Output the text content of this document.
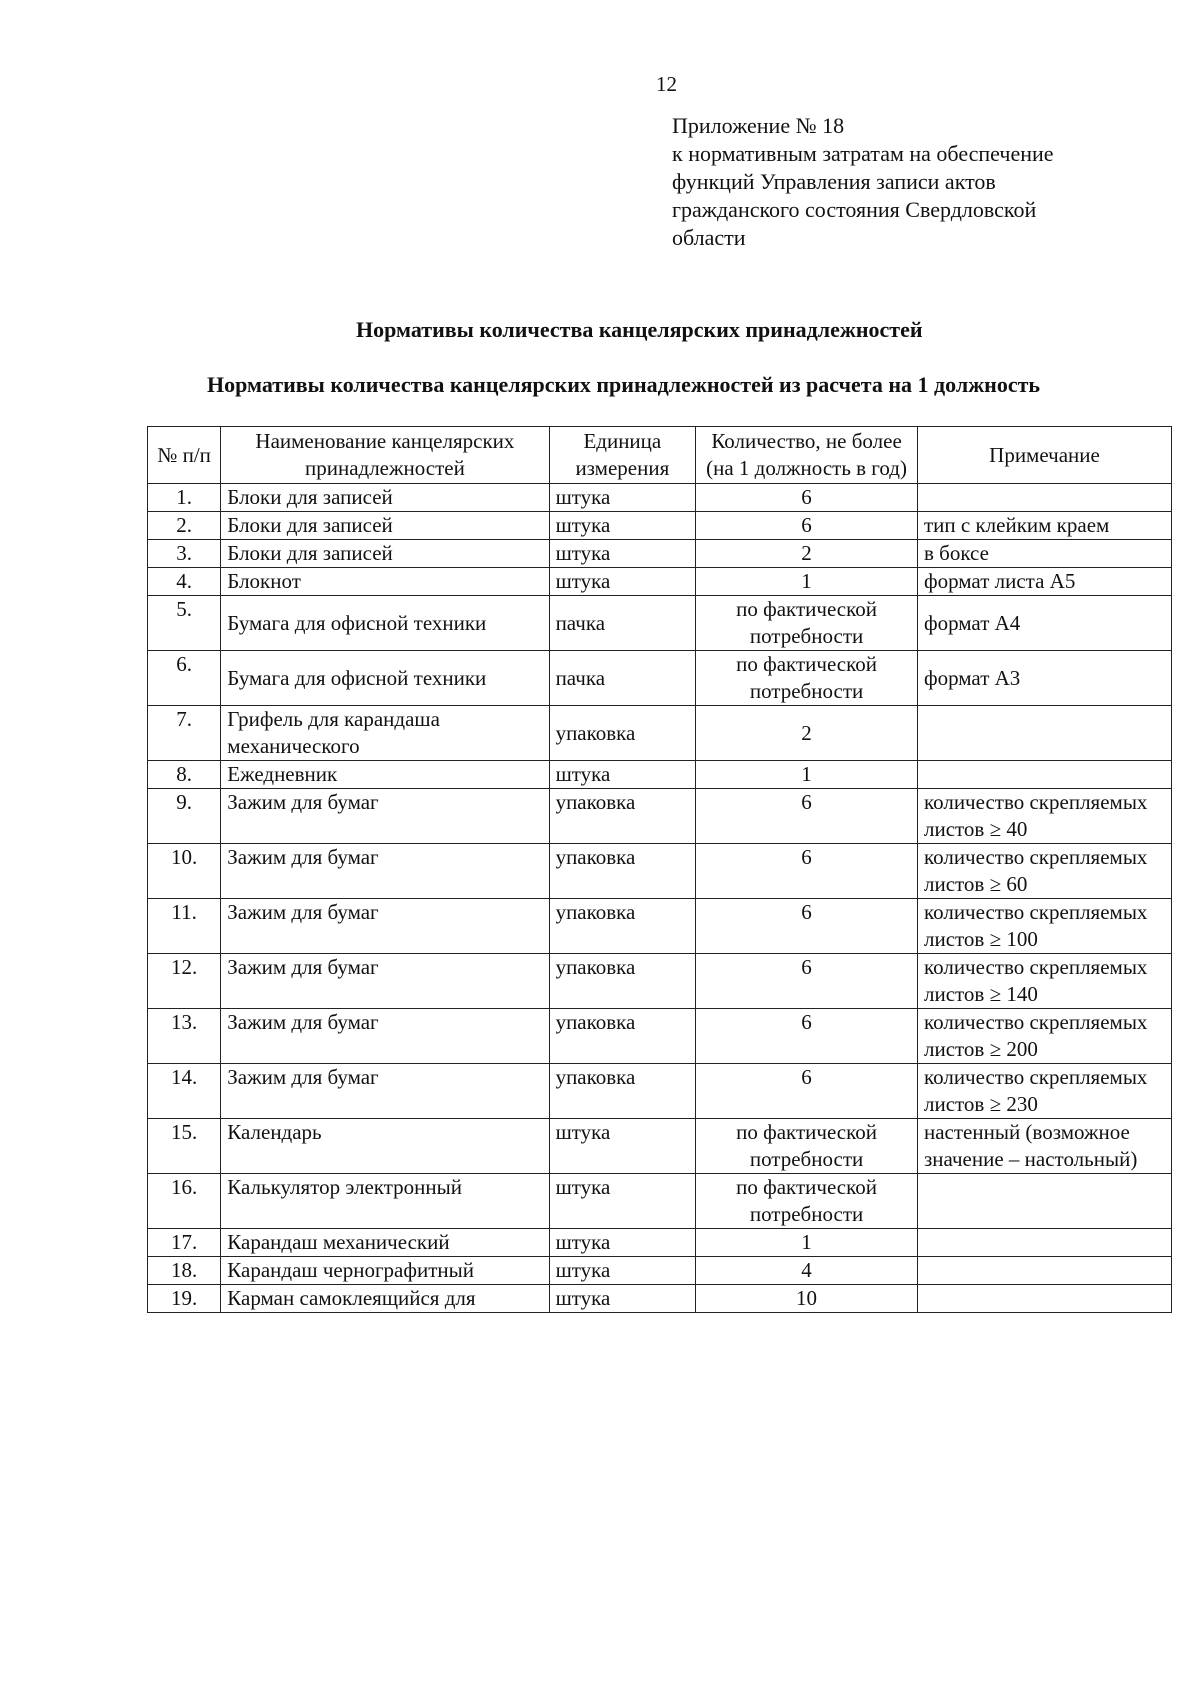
12
Приложение № 18
к нормативным затратам на обеспечение
функций Управления записи актов
гражданского состояния Свердловской
области
Нормативы количества канцелярских принадлежностей
Нормативы количества канцелярских принадлежностей из расчета на 1 должность
№ п/п	Наименование канцелярских принадлежностей	Единица измерения	Количество, не более (на 1 должность в год)	Примечание
1.	Блоки для записей	штука	6	
2.	Блоки для записей	штука	6	тип с клейким краем
3.	Блоки для записей	штука	2	в боксе
4.	Блокнот	штука	1	формат листа А5
5.	Бумага для офисной техники	пачка	по фактической потребности	формат А4
6.	Бумага для офисной техники	пачка	по фактической потребности	формат А3
7.	Грифель для карандаша механического	упаковка	2	
8.	Ежедневник	штука	1	
9.	Зажим для бумаг	упаковка	6	количество скрепляемых листов ≥ 40
10.	Зажим для бумаг	упаковка	6	количество скрепляемых листов ≥ 60
11.	Зажим для бумаг	упаковка	6	количество скрепляемых листов ≥ 100
12.	Зажим для бумаг	упаковка	6	количество скрепляемых листов ≥ 140
13.	Зажим для бумаг	упаковка	6	количество скрепляемых листов ≥ 200
14.	Зажим для бумаг	упаковка	6	количество скрепляемых листов ≥ 230
15.	Календарь	штука	по фактической потребности	настенный (возможное значение – настольный)
16.	Калькулятор электронный	штука	по фактической потребности	
17.	Карандаш механический	штука	1	
18.	Карандаш чернографитный	штука	4	
19.	Карман самоклеящийся для	штука	10	
